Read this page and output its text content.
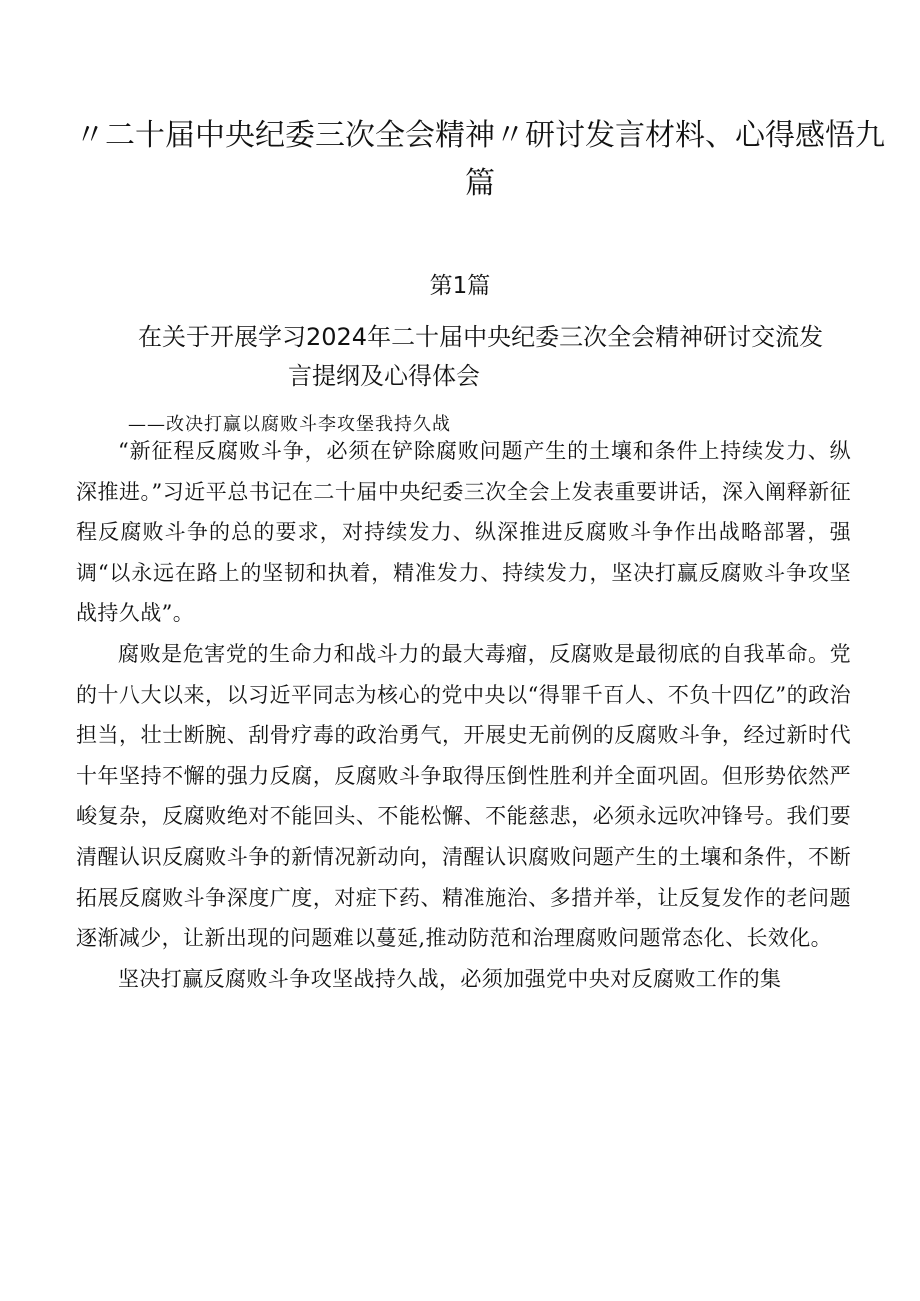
〃二十届中央纪委三次全会精神〃研讨发言材料、心得感悟九篇
第1篇
在关于开展学习2024年二十届中央纪委三次全会精神研讨交流发
言提纲及心得体会

——改决打赢以腐败斗李攻堡我持久战

“新征程反腐败斗争，必须在铲除腐败问题产生的土壤和条件上持续发力、纵深推进。”习近平总书记在二十届中央纪委三次全会上发表重要讲话，深入阐释新征程反腐败斗争的总的要求，对持续发力、纵深推进反腐败斗争作出战略部署，强调“以永远在路上的坚韧和执着，精准发力、持续发力，坚决打赢反腐败斗争攻坚战持久战”。

腐败是危害党的生命力和战斗力的最大毒瘤，反腐败是最彻底的自我革命。党的十八大以来，以习近平同志为核心的党中央以“得罪千百人、不负十四亿”的政治担当，壮士断腕、刮骨疗毒的政治勇气，开展史无前例的反腐败斗争，经过新时代十年坚持不懈的强力反腐，反腐败斗争取得压倒性胜利并全面巩固。但形势依然严峻复杂，反腐败绝对不能回头、不能松懈、不能慈悲，必须永远吹冲锋号。我们要清醒认识反腐败斗争的新情况新动向，清醒认识腐败问题产生的土壤和条件，不断拓展反腐败斗争深度广度，对症下药、精准施治、多措并举，让反复发作的老问题逐渐减少，让新出现的问题难以蔓延,推动防范和治理腐败问题常态化、长效化。

坚决打赢反腐败斗争攻坚战持久战，必须加强党中央对反腐败工作的集
